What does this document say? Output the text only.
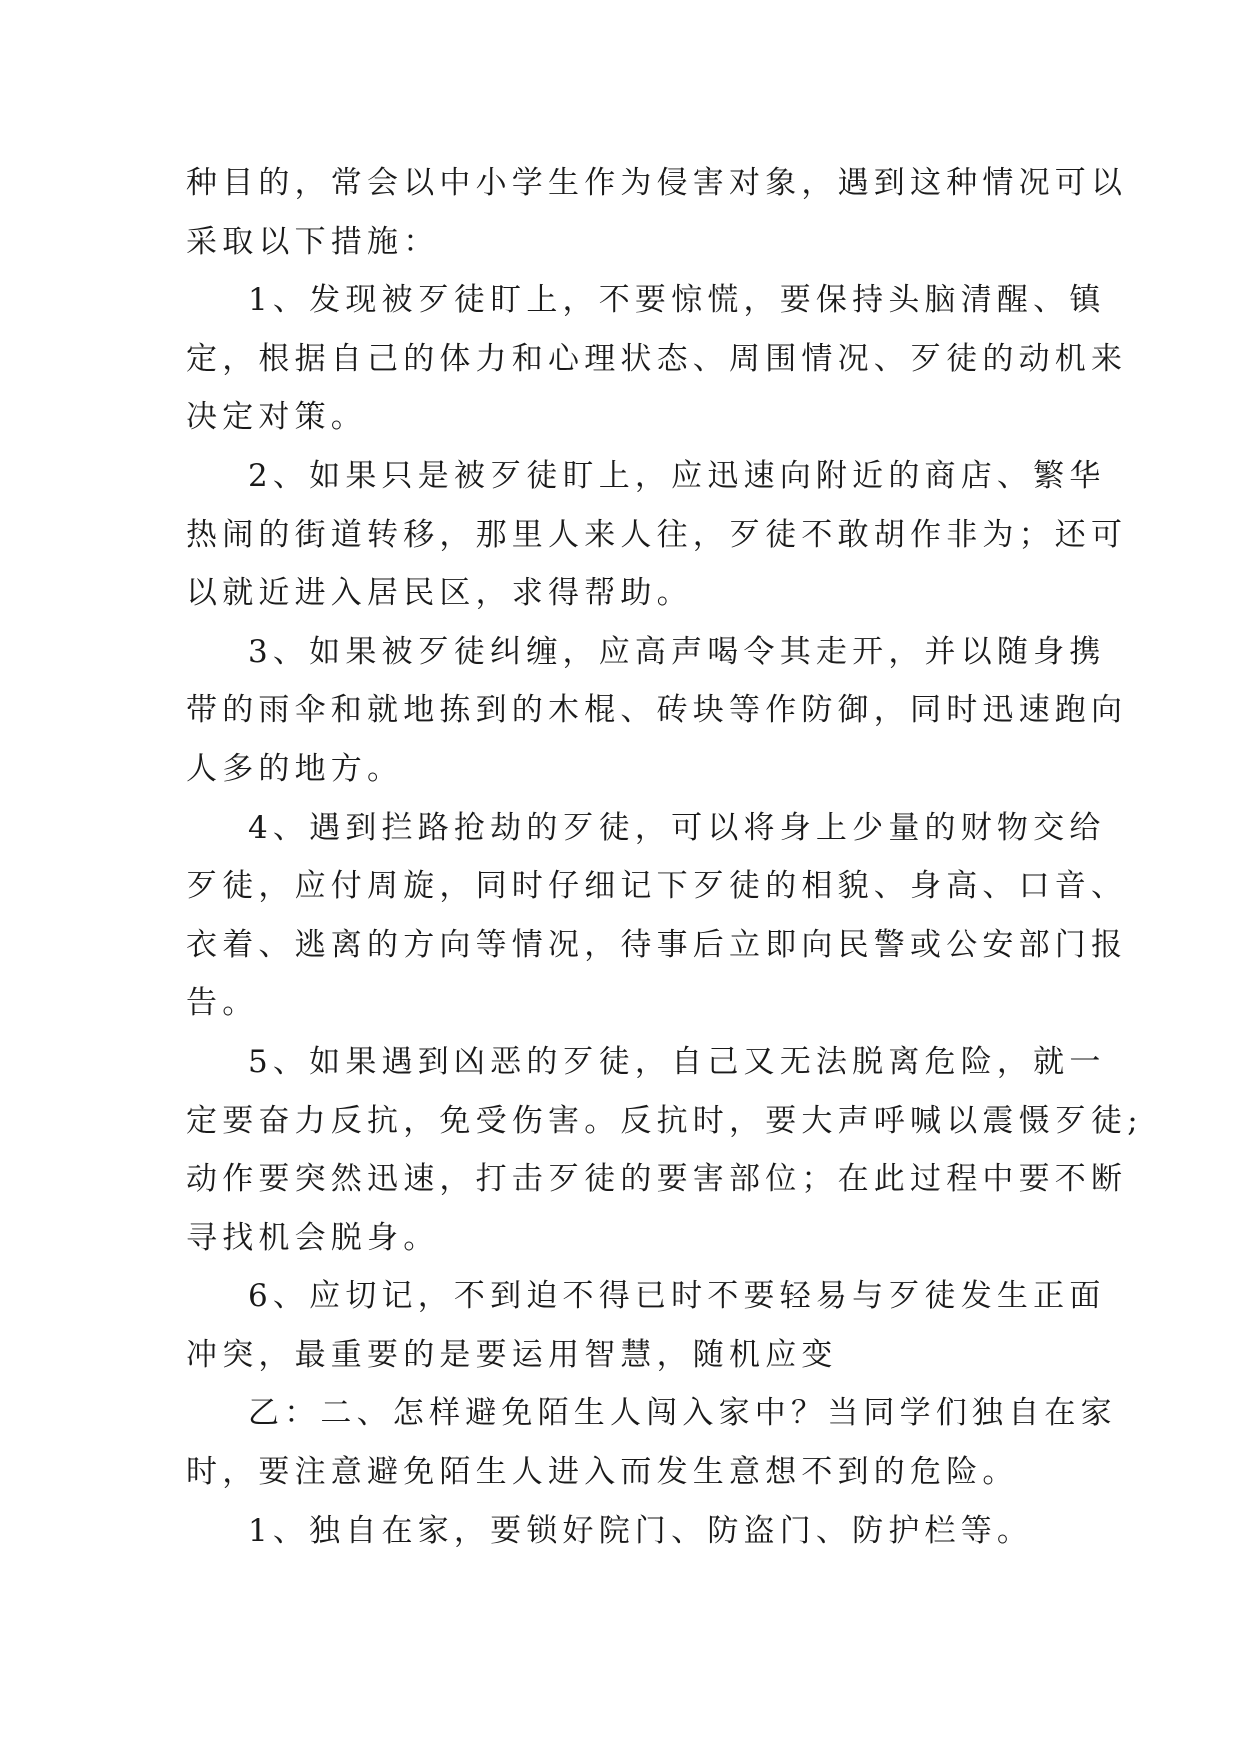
种目的，常会以中小学生作为侵害对象，遇到这种情况可以

采取以下措施：

1、发现被歹徒盯上，不要惊慌，要保持头脑清醒、镇

定，根据自己的体力和心理状态、周围情况、歹徒的动机来

决定对策。

2、如果只是被歹徒盯上，应迅速向附近的商店、繁华

热闹的街道转移，那里人来人往，歹徒不敢胡作非为；还可

以就近进入居民区，求得帮助。

3、如果被歹徒纠缠，应高声喝令其走开，并以随身携

带的雨伞和就地拣到的木棍、砖块等作防御，同时迅速跑向

人多的地方。

4、遇到拦路抢劫的歹徒，可以将身上少量的财物交给

歹徒，应付周旋，同时仔细记下歹徒的相貌、身高、口音、

衣着、逃离的方向等情况，待事后立即向民警或公安部门报

告。

5、如果遇到凶恶的歹徒，自己又无法脱离危险，就一

定要奋力反抗，免受伤害。反抗时，要大声呼喊以震慑歹徒;

动作要突然迅速，打击歹徒的要害部位；在此过程中要不断

寻找机会脱身。

6、应切记，不到迫不得已时不要轻易与歹徒发生正面

冲突，最重要的是要运用智慧，随机应变

乙：二、怎样避免陌生人闯入家中？当同学们独自在家

时，要注意避免陌生人进入而发生意想不到的危险。

1、独自在家，要锁好院门、防盗门、防护栏等。
